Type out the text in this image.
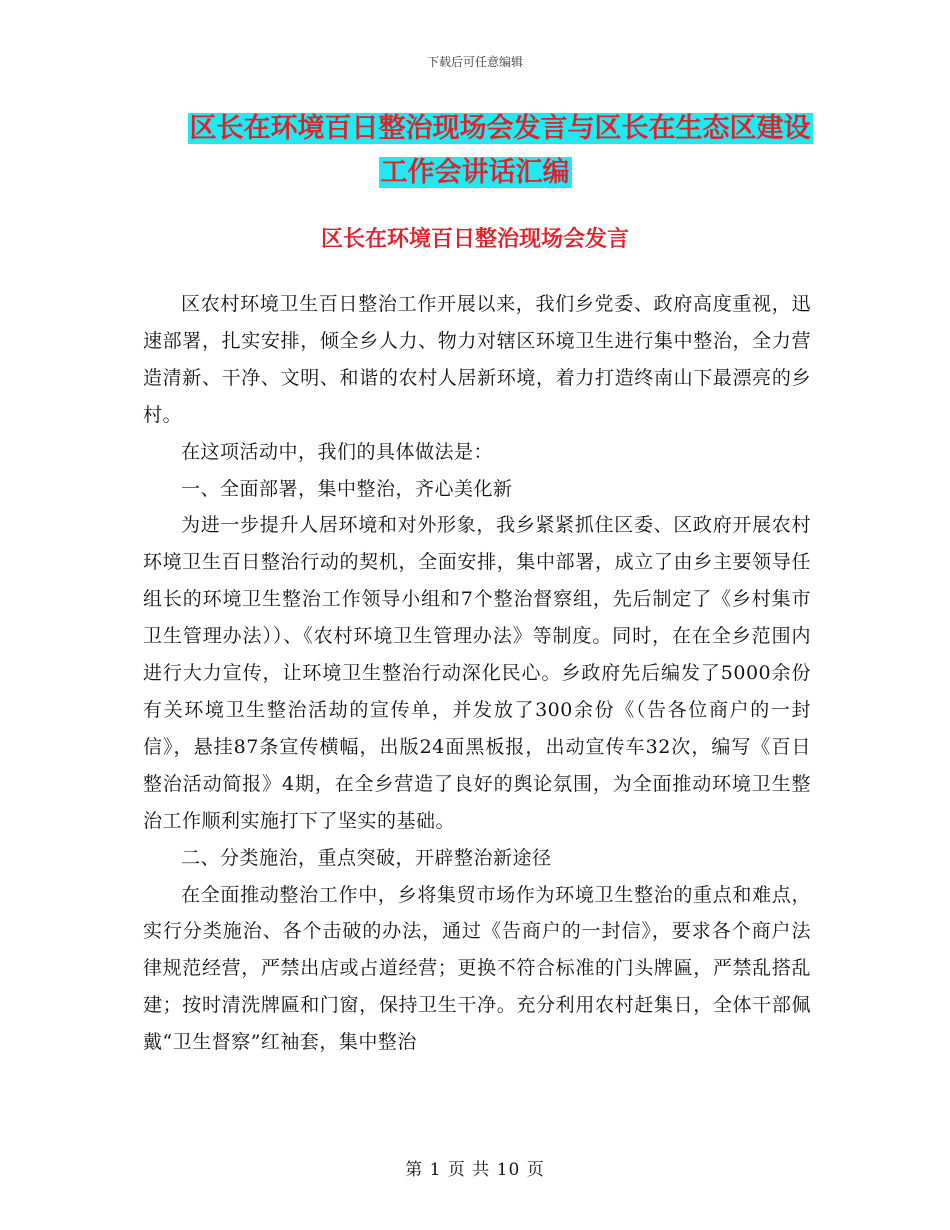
下载后可任意编辑
区长在环境百日整治现场会发言与区长在生态区建设
工作会讲话汇编
区长在环境百日整治现场会发言

区农村环境卫生百日整治工作开展以来，我们乡党委、政府高度重视，迅速部署，扎实安排，倾全乡人力、物力对辖区环境卫生进行集中整治，全力营造清新、干净、文明、和谐的农村人居新环境，着力打造终南山下最漂亮的乡村。

在这项活动中，我们的具体做法是：

一、全面部署，集中整治，齐心美化新

为进一步提升人居环境和对外形象，我乡紧紧抓住区委、区政府开展农村环境卫生百日整治行动的契机，全面安排，集中部署，成立了由乡主要领导任组长的环境卫生整治工作领导小组和7个整治督察组，先后制定了《乡村集市卫生管理办法））、《农村环境卫生管理办法》等制度。同时，在在全乡范围内进行大力宣传，让环境卫生整治行动深化民心。乡政府先后编发了5000余份有关环境卫生整治活劫的宣传单，并发放了300余份《（告各位商户的一封信》，悬挂87条宣传横幅，出版24面黑板报，出动宣传车32次，编写《百日整治活动简报》4期，在全乡营造了良好的舆论氛围，为全面推动环境卫生整治工作顺利实施打下了坚实的基础。

二、分类施治，重点突破，开辟整治新途径

在全面推动整治工作中，乡将集贸市场作为环境卫生整治的重点和难点，实行分类施治、各个击破的办法，通过《告商户的一封信》，要求各个商户法律规范经营，严禁出店或占道经营；更换不符合标准的门头牌匾，严禁乱搭乱建；按时清洗牌匾和门窗，保持卫生干净。充分利用农村赶集日，全体干部佩戴“卫生督察”红袖套，集中整治

第 1 页 共 10 页
